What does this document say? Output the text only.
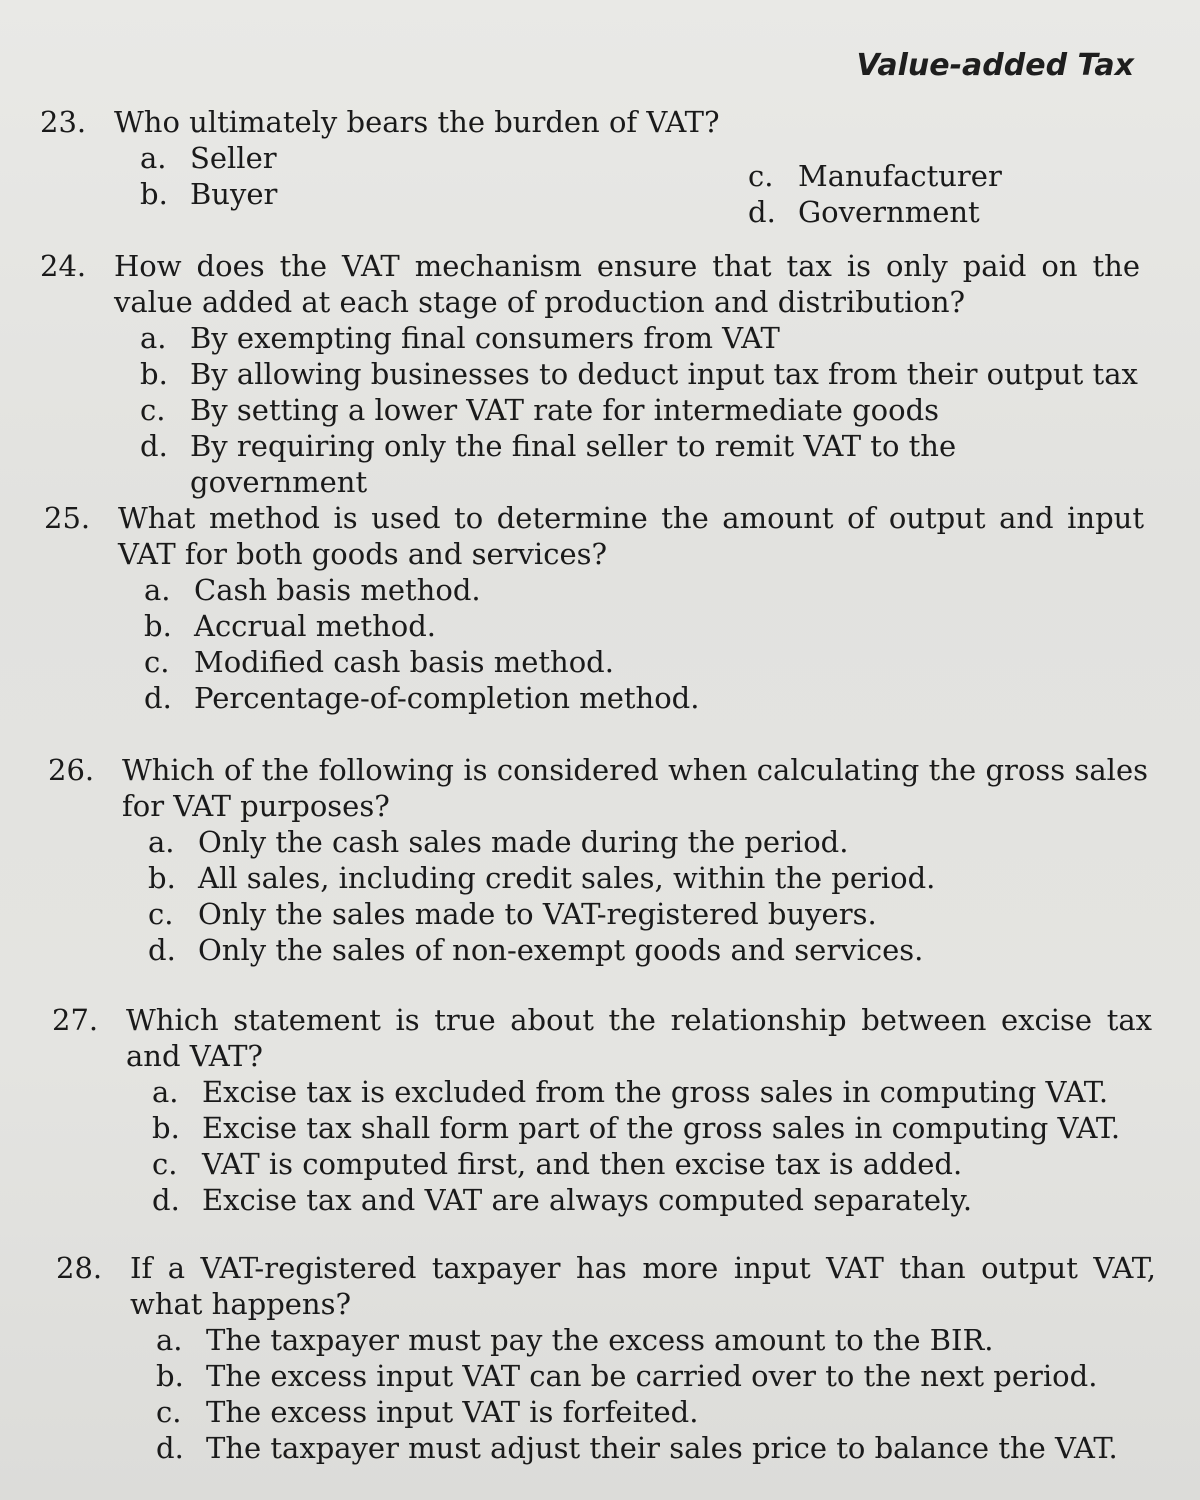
Value-added Tax
23. Who ultimately bears the burden of VAT?
a. Seller
b. Buyer
c. Manufacturer
d. Government
24. How does the VAT mechanism ensure that tax is only paid on the value added at each stage of production and distribution?
a. By exempting final consumers from VAT
b. By allowing businesses to deduct input tax from their output tax
c. By setting a lower VAT rate for intermediate goods
d. By requiring only the final seller to remit VAT to the government
25. What method is used to determine the amount of output and input VAT for both goods and services?
a. Cash basis method.
b. Accrual method.
c. Modified cash basis method.
d. Percentage-of-completion method.
26. Which of the following is considered when calculating the gross sales for VAT purposes?
a. Only the cash sales made during the period.
b. All sales, including credit sales, within the period.
c. Only the sales made to VAT-registered buyers.
d. Only the sales of non-exempt goods and services.
27. Which statement is true about the relationship between excise tax and VAT?
a. Excise tax is excluded from the gross sales in computing VAT.
b. Excise tax shall form part of the gross sales in computing VAT.
c. VAT is computed first, and then excise tax is added.
d. Excise tax and VAT are always computed separately.
28. If a VAT-registered taxpayer has more input VAT than output VAT, what happens?
a. The taxpayer must pay the excess amount to the BIR.
b. The excess input VAT can be carried over to the next period.
c. The excess input VAT is forfeited.
d. The taxpayer must adjust their sales price to balance the VAT.
